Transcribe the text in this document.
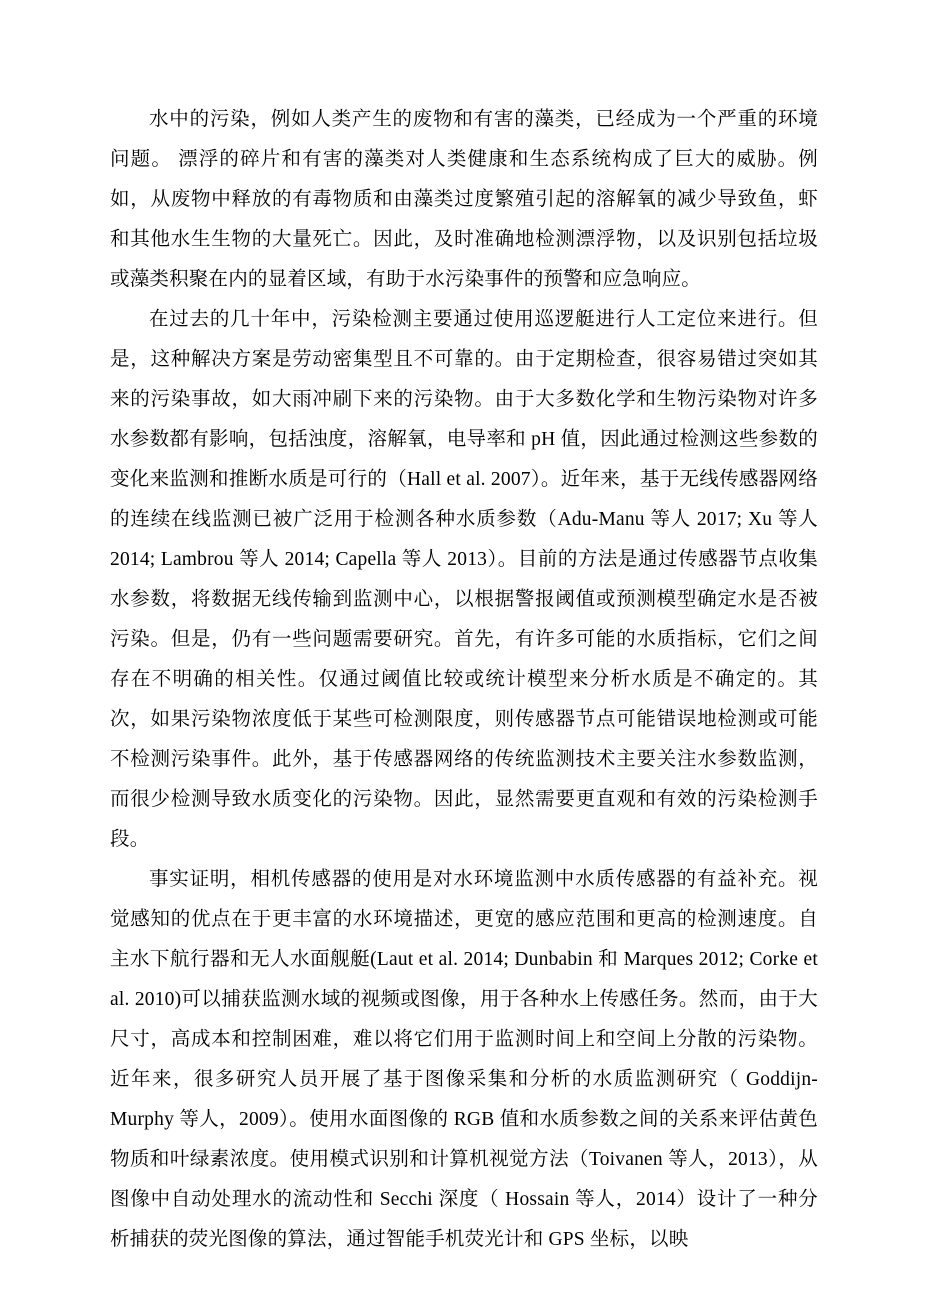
水中的污染，例如人类产生的废物和有害的藻类，已经成为一个严重的环境问题。 漂浮的碎片和有害的藻类对人类健康和生态系统构成了巨大的威胁。例如，从废物中释放的有毒物质和由藻类过度繁殖引起的溶解氧的减少导致鱼，虾和其他水生生物的大量死亡。因此，及时准确地检测漂浮物，以及识别包括垃圾或藻类积聚在内的显着区域，有助于水污染事件的预警和应急响应。

在过去的几十年中，污染检测主要通过使用巡逻艇进行人工定位来进行。但是，这种解决方案是劳动密集型且不可靠的。由于定期检查，很容易错过突如其来的污染事故，如大雨冲刷下来的污染物。由于大多数化学和生物污染物对许多水参数都有影响，包括浊度，溶解氧，电导率和 pH 值，因此通过检测这些参数的变化来监测和推断水质是可行的（Hall et al. 2007）。近年来，基于无线传感器网络的连续在线监测已被广泛用于检测各种水质参数（Adu-Manu 等人 2017; Xu 等人 2014; Lambrou 等人 2014; Capella 等人 2013）。目前的方法是通过传感器节点收集水参数，将数据无线传输到监测中心，以根据警报阈值或预测模型确定水是否被污染。但是，仍有一些问题需要研究。首先，有许多可能的水质指标，它们之间存在不明确的相关性。仅通过阈值比较或统计模型来分析水质是不确定的。其次，如果污染物浓度低于某些可检测限度，则传感器节点可能错误地检测或可能不检测污染事件。此外，基于传感器网络的传统监测技术主要关注水参数监测，而很少检测导致水质变化的污染物。因此，显然需要更直观和有效的污染检测手段。

事实证明，相机传感器的使用是对水环境监测中水质传感器的有益补充。视觉感知的优点在于更丰富的水环境描述，更宽的感应范围和更高的检测速度。自主水下航行器和无人水面舰艇(Laut et al. 2014; Dunbabin 和 Marques 2012; Corke et al. 2010)可以捕获监测水域的视频或图像，用于各种水上传感任务。然而，由于大尺寸，高成本和控制困难，难以将它们用于监测时间上和空间上分散的污染物。近年来，很多研究人员开展了基于图像采集和分析的水质监测研究（ Goddijn-Murphy 等人，2009）。使用水面图像的 RGB 值和水质参数之间的关系来评估黄色物质和叶绿素浓度。使用模式识别和计算机视觉方法（Toivanen 等人，2013），从图像中自动处理水的流动性和 Secchi 深度（ Hossain 等人，2014）设计了一种分析捕获的荧光图像的算法，通过智能手机荧光计和 GPS 坐标，以映
